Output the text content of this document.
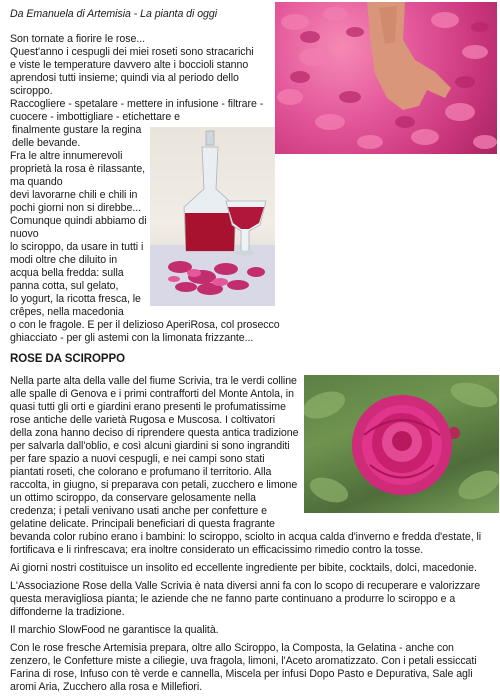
Da Emanuela di Artemisia - La pianta di oggi
Son tornate a fiorire le rose...
Quest'anno i cespugli dei miei roseti sono stracarichi
e viste le temperature davvero alte i boccioli stanno
aprendosi tutti insieme; quindi via al periodo dello
sciroppo.
Raccogliere - spetalare - mettere in infusione - filtrare -
cuocere - imbottigliare - etichettare e
finalmente gustare la regina
delle bevande.
Fra le altre innumerevoli
proprietà la rosa è rilassante,
ma quando
devi lavorarne chili e chili in
pochi giorni non si direbbe...
Comunque quindi abbiamo di
nuovo
lo sciroppo, da usare in tutti i
modi oltre che diluito in
acqua bella fredda: sulla
panna cotta, sul gelato,
lo yogurt, la ricotta fresca, le
crêpes, nella macedonia
o con le fragole. E per il delizioso AperiRosa, col prosecco
ghiacciato - per gli astemi con la limonata frizzante...
ROSE DA SCIROPPO
Nella parte alta della valle del fiume Scrivia, tra le verdi colline
alle spalle di Genova e i primi contrafforti del Monte Antola, in
quasi tutti gli orti e giardini erano presenti le profumatissime
rose antiche delle varietà Rugosa e Muscosa. I coltivatori
della zona hanno deciso di riprendere questa antica tradizione
per salvarla dall'oblio, e così alcuni giardini si sono ingranditi
per fare spazio a nuovi cespugli, e nei campi sono stati
piantati roseti, che colorano e profumano il territorio. Alla
raccolta, in giugno, si preparava con petali, zucchero e limone
un ottimo sciroppo, da conservare gelosamente nella
credenza; i petali venivano usati anche per confetture e
gelatine delicate. Principali beneficiari di questa fragrante
bevanda color rubino erano i bambini: lo sciroppo, sciolto in acqua calda d'inverno e fredda d'estate, li
fortificava e li rinfrescava; era inoltre considerato un efficacissimo rimedio contro la tosse.
Ai giorni nostri costituisce un insolito ed eccellente ingrediente per bibite, cocktails, dolci, macedonie.
L'Associazione Rose della Valle Scrivia è nata diversi anni fa con lo scopo di recuperare e valorizzare
questa meravigliosa pianta; le aziende che ne fanno parte continuano a produrre lo sciroppo e a
diffonderne la tradizione.
Il marchio SlowFood ne garantisce la qualità.
Con le rose fresche Artemisia prepara, oltre allo Sciroppo, la Composta, la Gelatina - anche con
zenzero, le Confetture miste a ciliegie, uva fragola, limoni, l'Aceto aromatizzato. Con i petali essiccati
Farina di rose, Infuso con tè verde e cannella, Miscela per infusi Dopo Pasto e Depurativa, Sale agli
aromi Aria, Zucchero alla rosa e Millefiori.
